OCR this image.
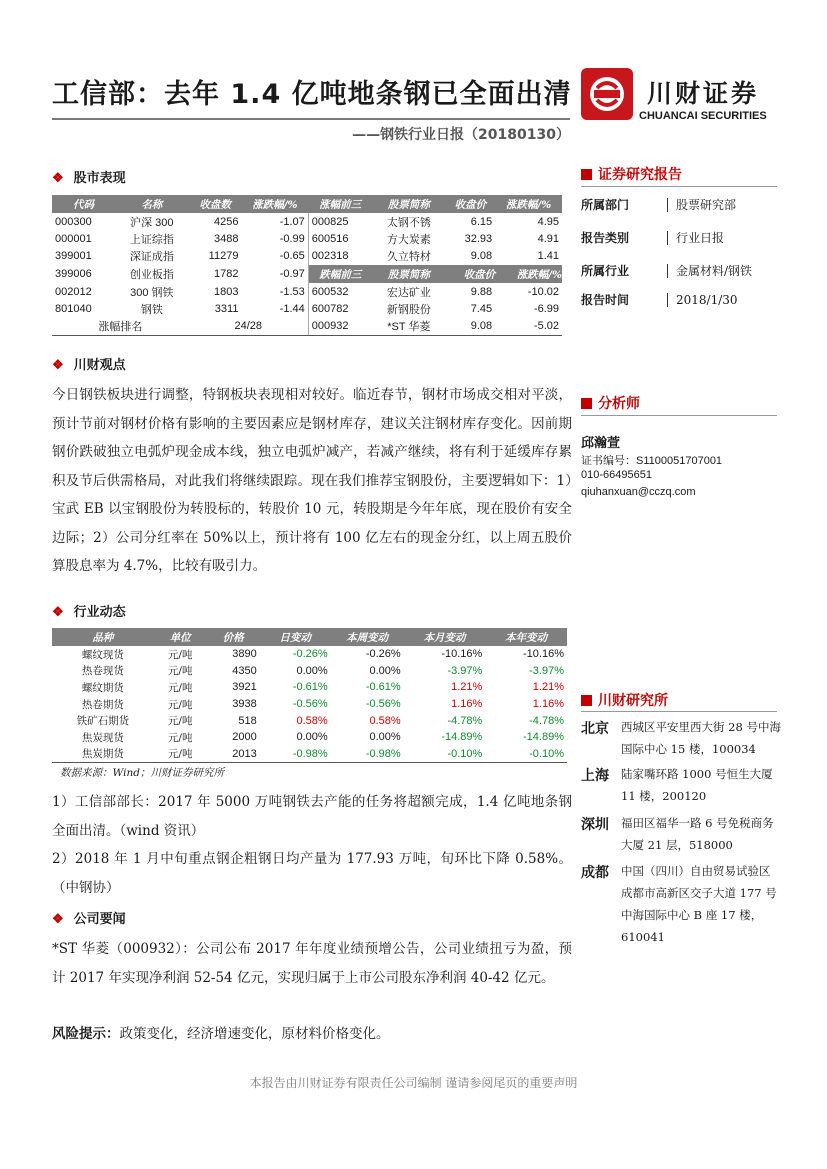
工信部：去年 1.4 亿吨地条钢已全面出清
——钢铁行业日报（20180130）
川财证券
CHUANCAI SECURITIES
❖ 股市表现
代码	名称	收盘数	涨跌幅/%	涨幅前三	股票简称	收盘价	涨跌幅/%
000300	沪深 300	4256	-1.07	000825	太钢不锈	6.15	4.95
000001	上证综指	3488	-0.99	600516	方大炭素	32.93	4.91
399001	深证成指	11279	-0.65	002318	久立特材	9.08	1.41
399006	创业板指	1782	-0.97	跌幅前三	股票简称	收盘价	涨跌幅/%
002012	300 钢铁	1803	-1.53	600532	宏达矿业	9.88	-10.02
801040	钢铁	3311	-1.44	600782	新钢股份	7.45	-6.99
涨幅排名		24/28		000932	*ST 华菱	9.08	-5.02
❖ 川财观点
今日钢铁板块进行调整，特钢板块表现相对较好。临近春节，钢材市场成交相对平淡，预计节前对钢材价格有影响的主要因素应是钢材库存，建议关注钢材库存变化。因前期钢价跌破独立电弧炉现金成本线，独立电弧炉减产，若减产继续，将有利于延缓库存累积及节后供需格局，对此我们将继续跟踪。现在我们推荐宝钢股份，主要逻辑如下：1）宝武 EB 以宝钢股份为转股标的，转股价 10 元，转股期是今年年底，现在股价有安全边际；2）公司分红率在 50%以上，预计将有 100 亿左右的现金分红，以上周五股价算股息率为 4.7%，比较有吸引力。
❖ 行业动态
品种	单位	价格	日变动	本周变动	本月变动	本年变动
螺纹现货	元/吨	3890	-0.26%	-0.26%	-10.16%	-10.16%
热卷现货	元/吨	4350	0.00%	0.00%	-3.97%	-3.97%
螺纹期货	元/吨	3921	-0.61%	-0.61%	1.21%	1.21%
热卷期货	元/吨	3938	-0.56%	-0.56%	1.16%	1.16%
铁矿石期货	元/吨	518	0.58%	0.58%	-4.78%	-4.78%
焦炭现货	元/吨	2000	0.00%	0.00%	-14.89%	-14.89%
焦炭期货	元/吨	2013	-0.98%	-0.98%	-0.10%	-0.10%
数据来源：Wind；川财证券研究所
1）工信部部长：2017 年 5000 万吨钢铁去产能的任务将超额完成，1.4 亿吨地条钢全面出清。（wind 资讯）
2）2018 年 1 月中旬重点钢企粗钢日均产量为 177.93 万吨，旬环比下降 0.58%。（中钢协）
❖ 公司要闻
*ST 华菱（000932）：公司公布 2017 年年度业绩预增公告，公司业绩扭亏为盈，预计 2017 年实现净利润 52-54 亿元，实现归属于上市公司股东净利润 40-42 亿元。
风险提示：政策变化，经济增速变化，原材料价格变化。
证券研究报告
所属部门	股票研究部
报告类别	行业日报
所属行业	金属材料/钢铁
报告时间	2018/1/30
分析师
邱瀚萱
证书编号：S1100051707001
010-66495651
qiuhanxuan@cczq.com
川财研究所
北京 西城区平安里西大街 28 号中海国际中心 15 楼，100034
上海 陆家嘴环路 1000 号恒生大厦 11 楼，200120
深圳 福田区福华一路 6 号免税商务大厦 21 层，518000
成都 中国（四川）自由贸易试验区成都市高新区交子大道 177 号中海国际中心 B 座 17 楼，610041
本报告由川财证券有限责任公司编制 谨请参阅尾页的重要声明
